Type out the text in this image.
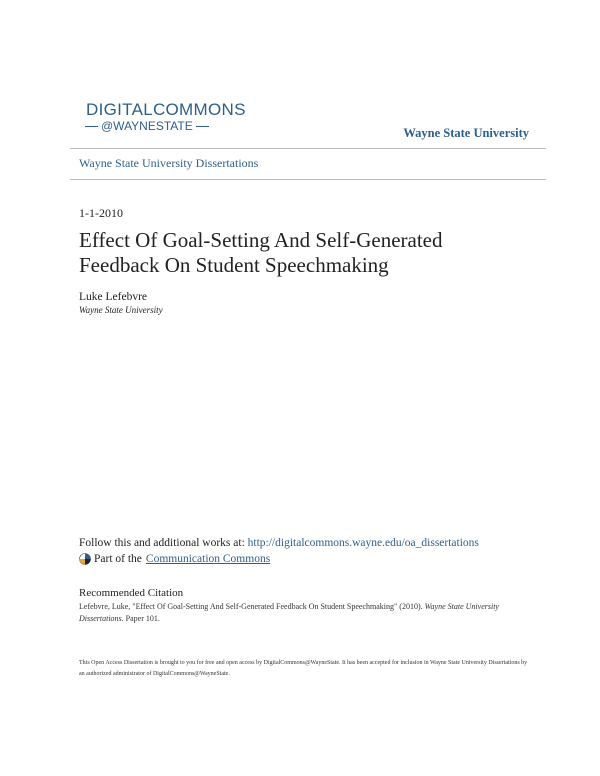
DIGITALCOMMONS
@WAYNESTATE	Wayne State University
Wayne State University Dissertations
1-1-2010
Effect Of Goal-Setting And Self-Generated Feedback On Student Speechmaking
Luke Lefebvre
Wayne State University
Follow this and additional works at: http://digitalcommons.wayne.edu/oa_dissertations
Part of the Communication Commons
Recommended Citation
Lefebvre, Luke, "Effect Of Goal-Setting And Self-Generated Feedback On Student Speechmaking" (2010). Wayne State University Dissertations. Paper 101.
This Open Access Dissertation is brought to you for free and open access by DigitalCommons@WayneState. It has been accepted for inclusion in Wayne State University Dissertations by an authorized administrator of DigitalCommons@WayneState.
